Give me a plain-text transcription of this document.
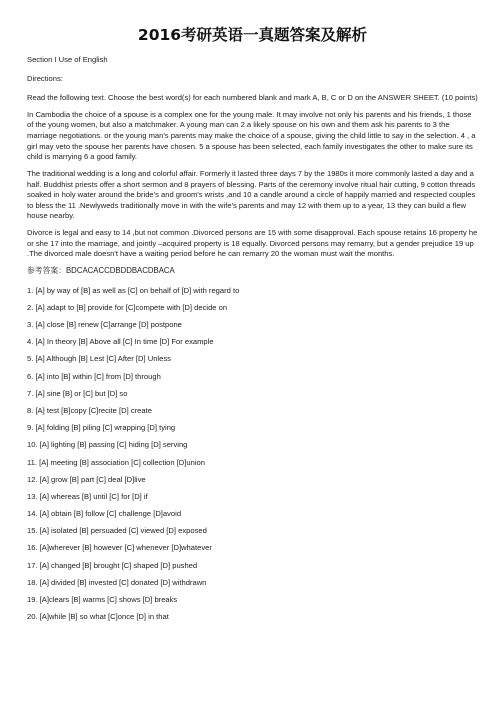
2016考研英语一真题答案及解析

Section I Use of English

Directions:

Read the following text. Choose the best word(s) for each numbered blank and mark A, B, C or D on the ANSWER SHEET. (10 points)

In Cambodia the choice of a spouse is a complex one for the young male. It may involve not only his parents and his friends, 1 those of the young women, but also a matchmaker. A young man can 2 a likely spouse on his own and them ask his parents to 3 the marriage negotiations. or the young man's parents may make the choice of a spouse, giving the child little to say in the selection. 4 , a girl may veto the spouse her parents have chosen. 5 a spouse has been selected, each family investigates the other to make sure its child is marrying 6 a good family.

The traditional wedding is a long and colorful affair. Formerly it lasted three days 7 by the 1980s it more commonly lasted a day and a half. Buddhist priests offer a short sermon and 8 prayers of blessing. Parts of the ceremony involve ritual hair cutting, 9 cotton threads soaked in holy water around the bride's and groom's wrists ,and 10 a candle around a circle of happily married and respected couples to bless the 11 .Newlyweds traditionally move in with the wife's parents and may 12 with them up to a year, 13 they can build a flew house nearby.

Divorce is legal and easy to 14 ,but not common .Divorced persons are 15 with some disapproval. Each spouse retains 16 property he or she 17 into the marriage, and jointly –acquired property is 18 equally. Divorced persons may remarry, but a gender prejudice 19 up .The divorced male doesn't have a waiting period before he can remarry 20 the woman must wait the months.

参考答案：BDCACACCDBDDBACDBACA

1. [A] by way of [B] as well as [C] on behalf of [D] with regard to
2. [A] adapt to [B] provide for [C]compete with [D] decide on
3. [A] close [B] renew [C]arrange [D] postpone
4. [A] In theory [B] Above all [C] In time [D] For example
5. [A] Although [B] Lest [C] After [D] Unless
6. [A] into [B] within [C] from [D] through
7. [A] sine [B] or [C] but [D] so
8. [A] test [B]copy [C]recite [D] create
9. [A] folding [B] piling [C] wrapping [D] tying
10. [A] lighting [B] passing [C] hiding [D] serving
11. [A] meeting [B] association [C] collection [D]union
12. [A] grow [B] part [C] deal [D]live
13. [A] whereas [B] until [C] for [D] if
14. [A] obtain [B] follow [C] challenge [D]avoid
15. [A] isolated [B] persuaded [C] viewed [D] exposed
16. [A]wherever [B] however [C] whenever [D]whatever
17. [A] changed [B] brought [C] shaped [D] pushed
18. [A] divided [B] invested [C] donated [D] withdrawn
19. [A]clears [B] warms [C] shows [D] breaks
20. [A]while [B] so what [C]once [D] in that
